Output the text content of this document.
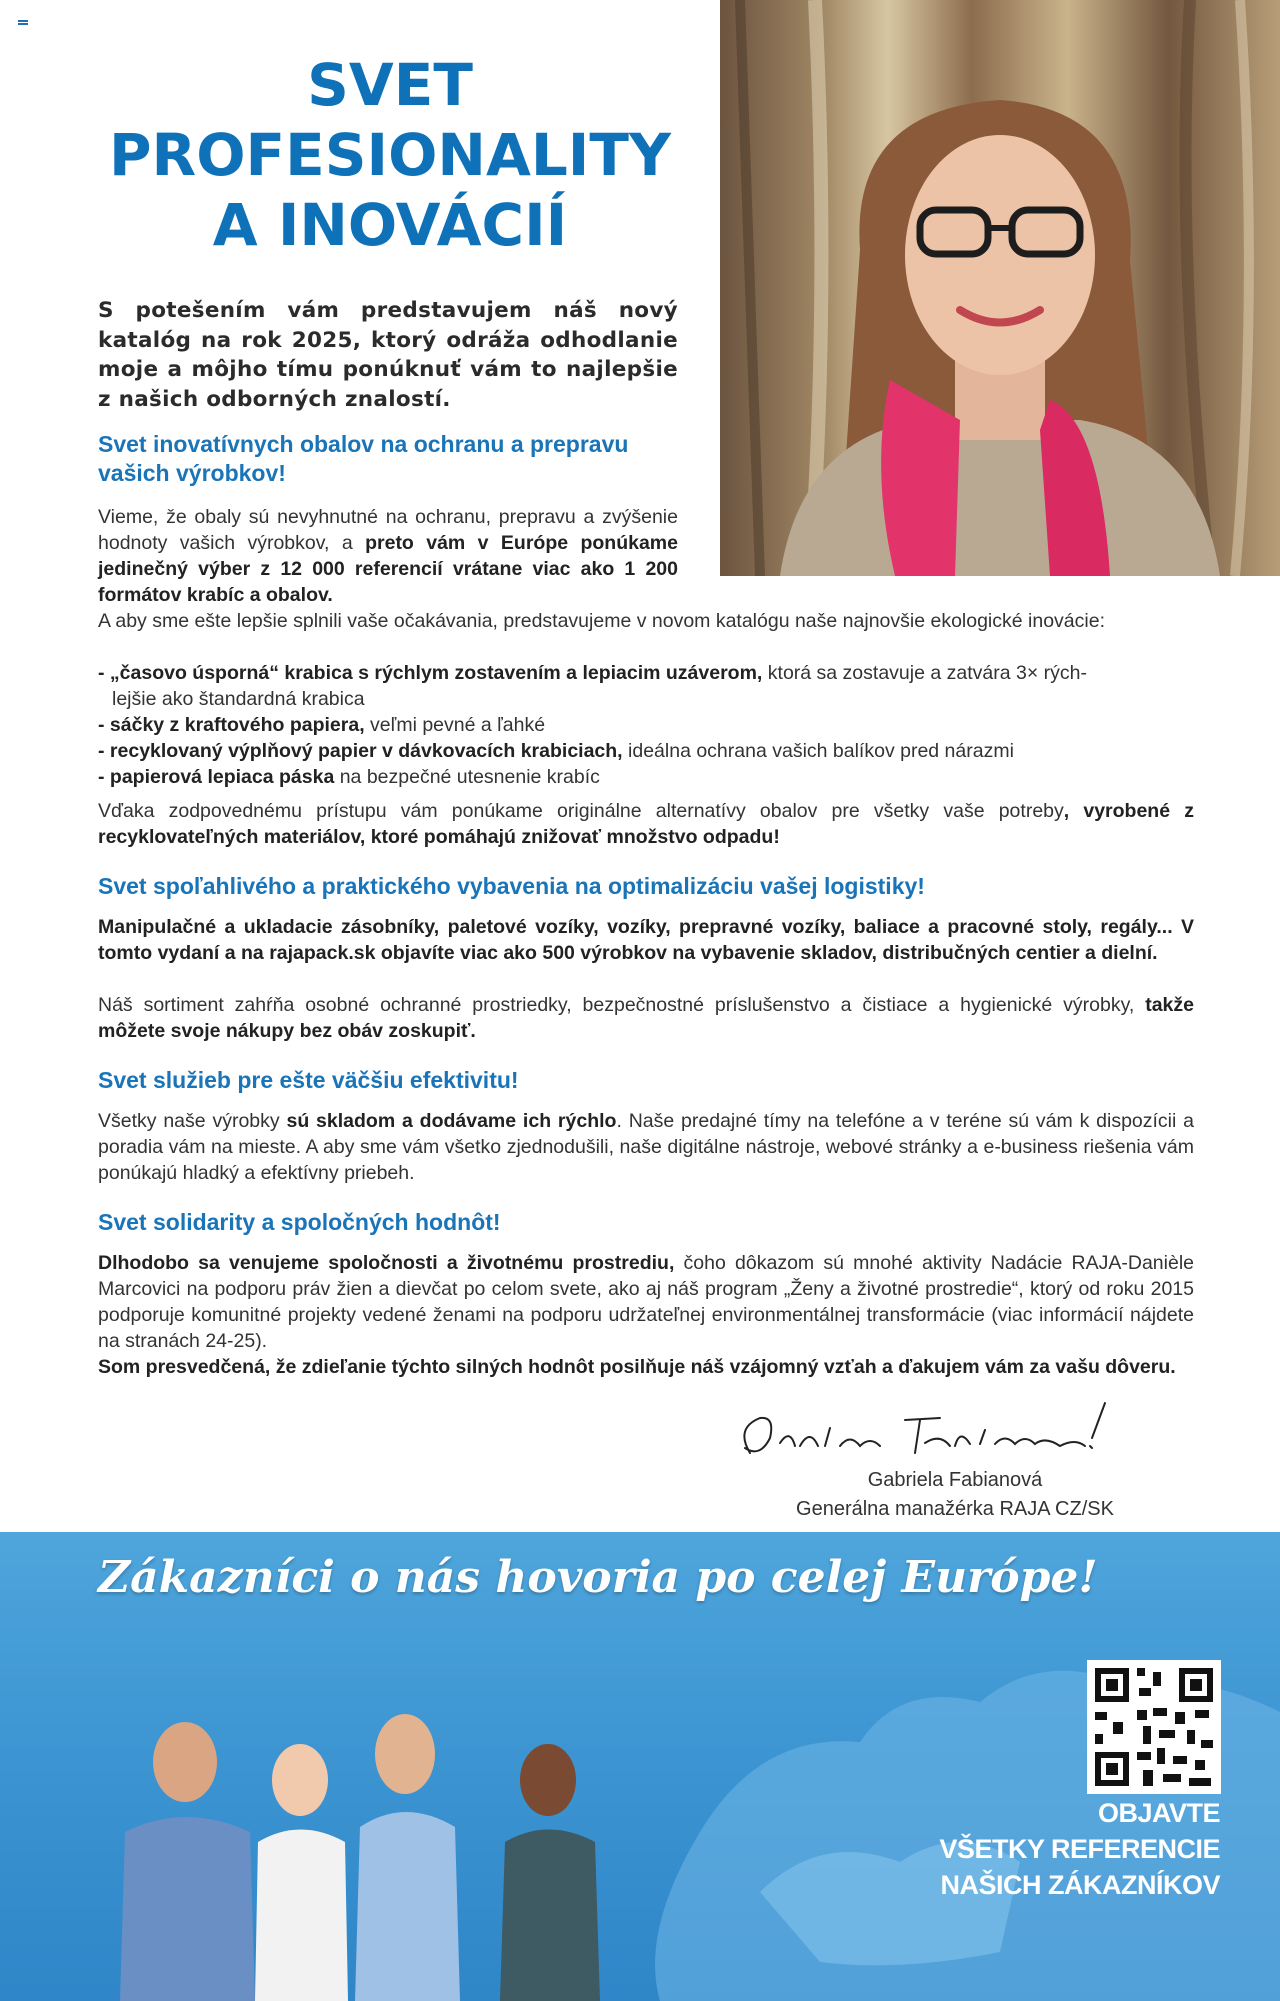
SVET
PROFESIONALITY
A INOVÁCIÍ

S potešením vám predstavujem náš nový katalóg na rok 2025, ktorý odráža odhodlanie moje a môjho tímu ponúknuť vám to najlepšie z našich odborných znalostí.

Svet inovatívnych obalov na ochranu a prepravu
vašich výrobkov!

Vieme, že obaly sú nevyhnutné na ochranu, prepravu a zvýšenie hodnoty vašich výrobkov, a preto vám v Európe ponúkame jedinečný výber z 12 000 referencií vrátane viac ako 1 200 formátov krabíc a obalov.

A aby sme ešte lepšie splnili vaše očakávania, predstavujeme v novom katalógu naše najnovšie ekologické inovácie:

- „časovo úsporná“ krabica s rýchlym zostavením a lepiacim uzáverom, ktorá sa zostavuje a zatvára 3× rých-

lejšie ako štandardná krabica

- sáčky z kraftového papiera, veľmi pevné a ľahké

- recyklovaný výplňový papier v dávkovacích krabiciach, ideálna ochrana vašich balíkov pred nárazmi

- papierová lepiaca páska na bezpečné utesnenie krabíc

Vďaka zodpovednému prístupu vám ponúkame originálne alternatívy obalov pre všetky vaše potreby, vyrobené z recyklovateľných materiálov, ktoré pomáhajú znižovať množstvo odpadu!

Svet spoľahlivého a praktického vybavenia na optimalizáciu vašej logistiky!

Manipulačné a ukladacie zásobníky, paletové vozíky, vozíky, prepravné vozíky, baliace a pracovné stoly, regály... V tomto vydaní a na rajapack.sk objavíte viac ako 500 výrobkov na vybavenie skladov, distribučných centier a dielní.

Náš sortiment zahŕňa osobné ochranné prostriedky, bezpečnostné príslušenstvo a čistiace a hygienické výrobky, takže môžete svoje nákupy bez obáv zoskupiť.

Svet služieb pre ešte väčšiu efektivitu!

Všetky naše výrobky sú skladom a dodávame ich rýchlo. Naše predajné tímy na telefóne a v teréne sú vám k dispozícii a poradia vám na mieste. A aby sme vám všetko zjednodušili, naše digitálne nástroje, webové stránky a e-business riešenia vám ponúkajú hladký a efektívny priebeh.

Svet solidarity a spoločných hodnôt!

Dlhodobo sa venujeme spoločnosti a životnému prostrediu, čoho dôkazom sú mnohé aktivity Nadácie RAJA-Danièle Marcovici na podporu práv žien a dievčat po celom svete, ako aj náš program „Ženy a životné prostredie“, ktorý od roku 2015 podporuje komunitné projekty vedené ženami na podporu udržateľnej environmentálnej transformácie (viac informácií nájdete na stranách 24-25).

Som presvedčená, že zdieľanie týchto silných hodnôt posilňuje náš vzájomný vzťah a ďakujem vám za vašu dôveru.

Gabriela Fabianová

Generálna manažérka RAJA CZ/SK

Zákazníci o nás hovoria po celej Európe!

OBJAVTE
VŠETKY REFERENCIE
NAŠICH ZÁKAZNÍKOV
